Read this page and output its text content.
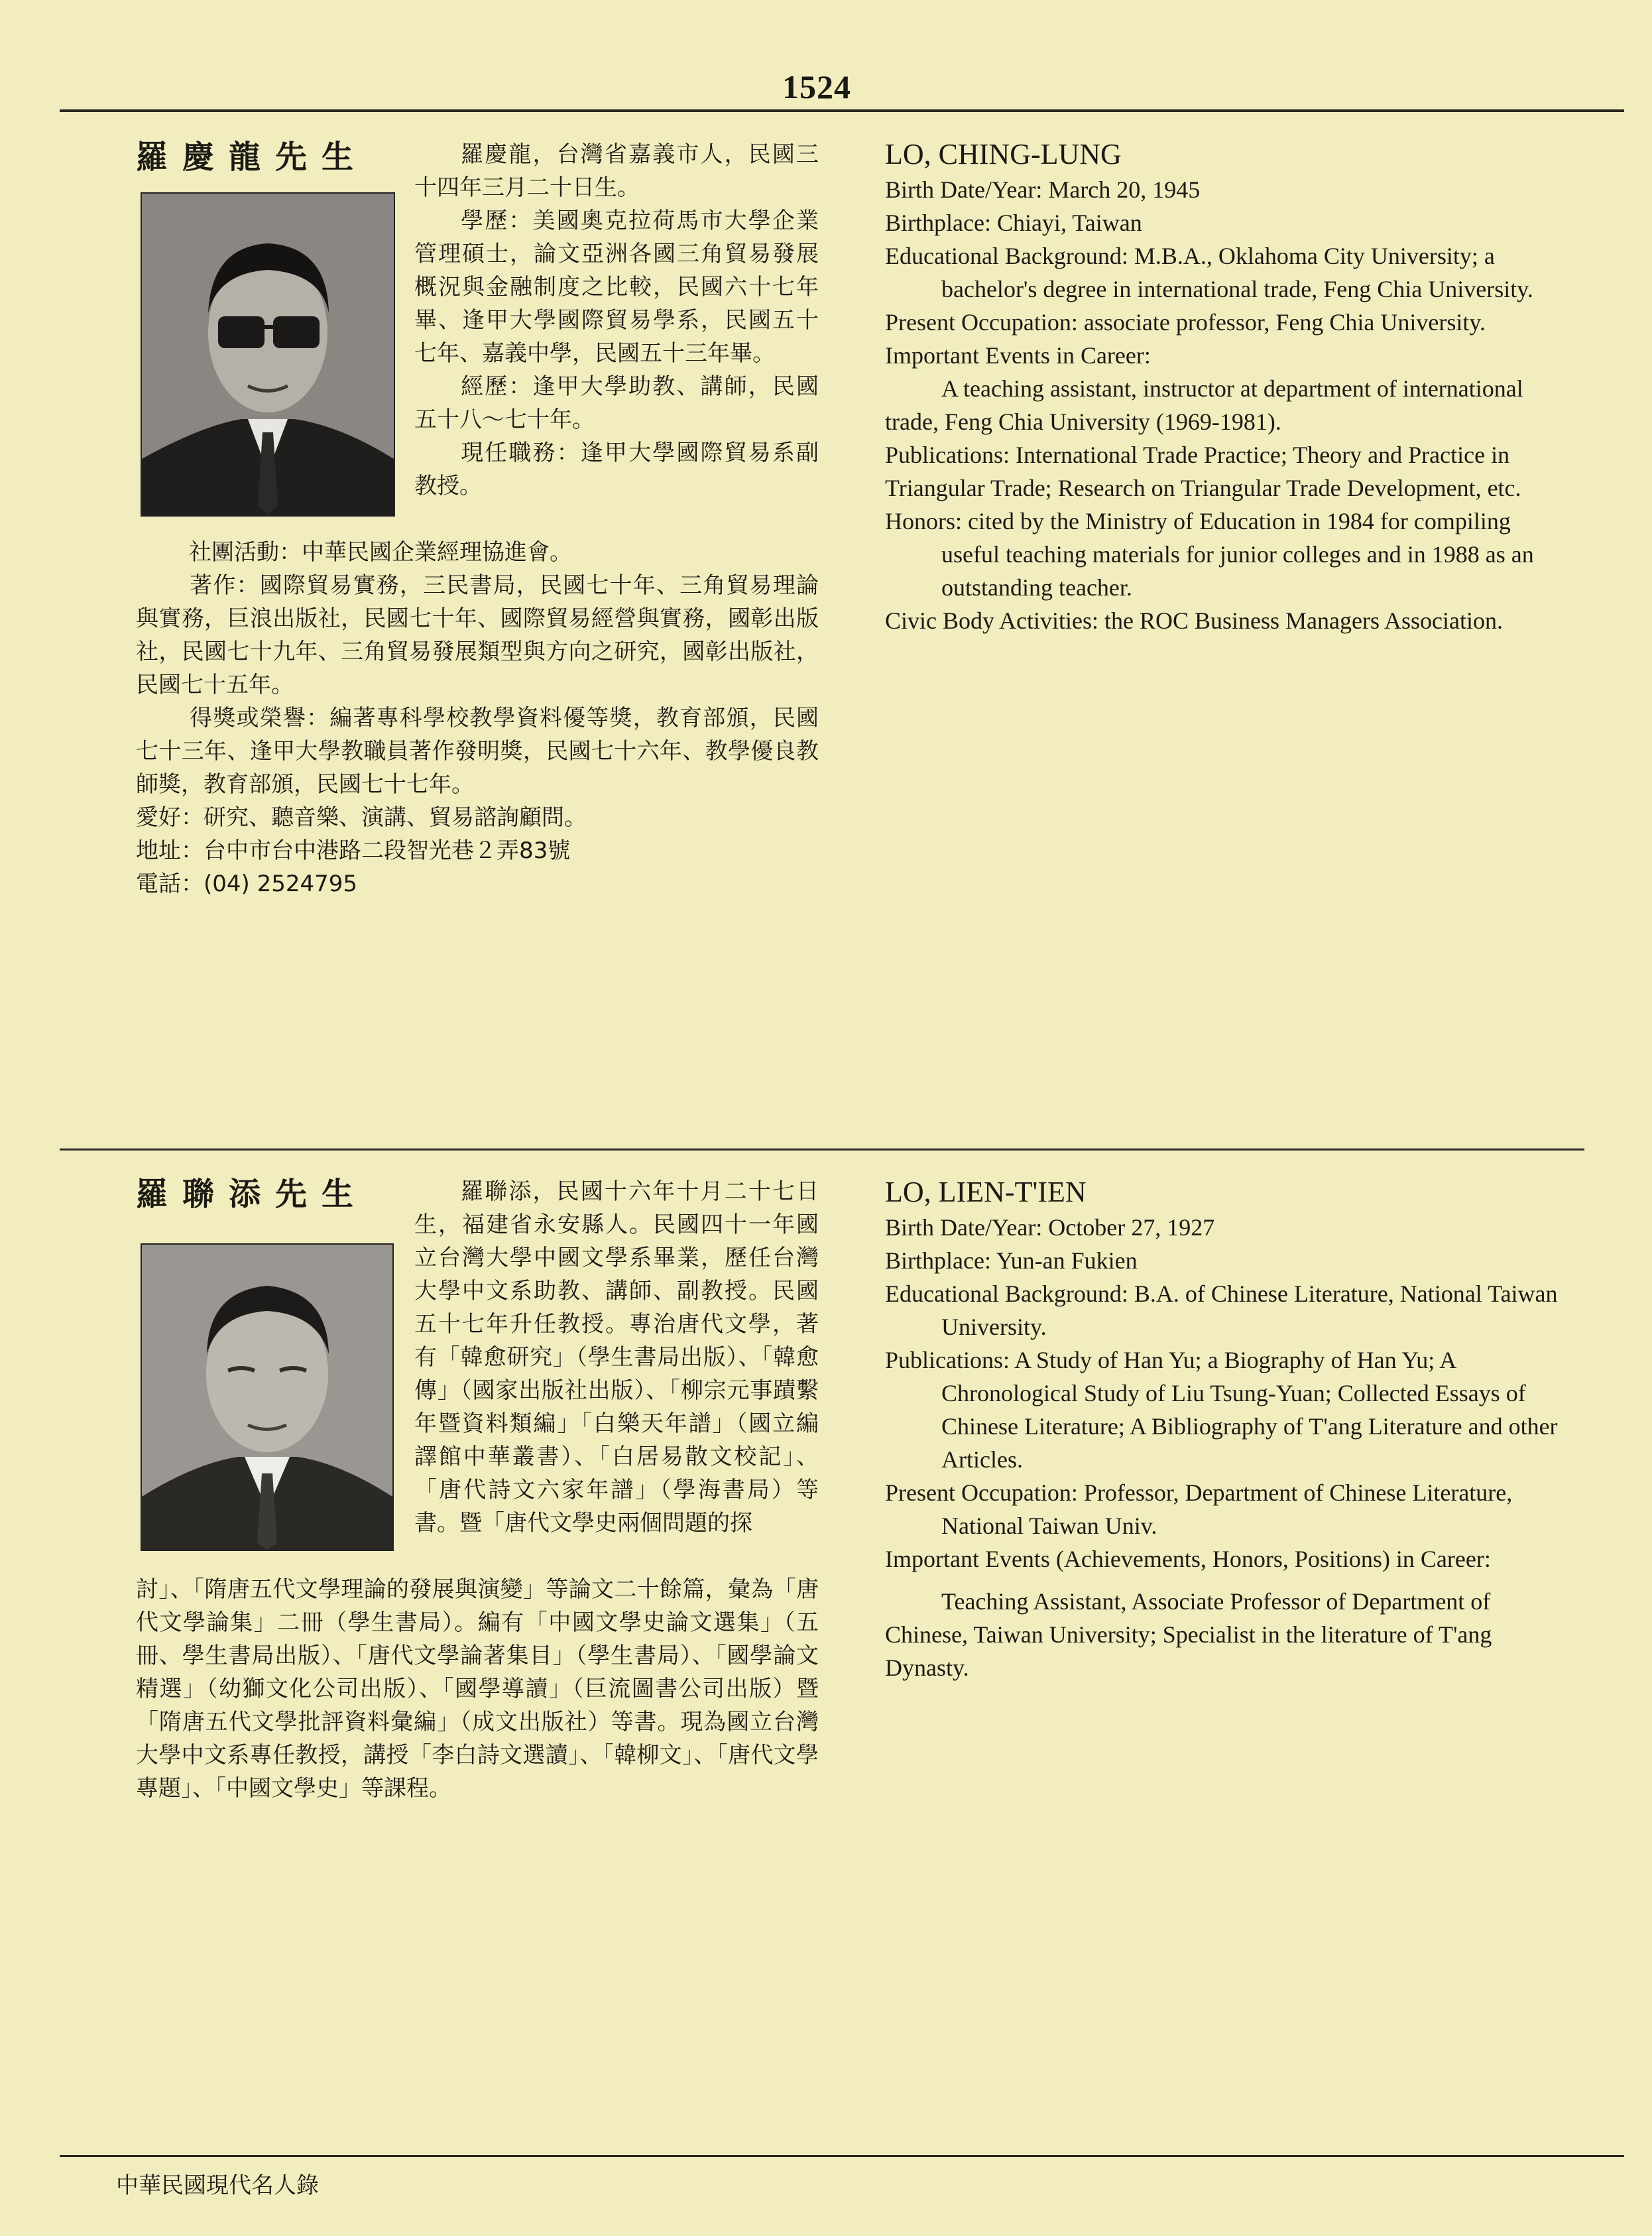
1524
羅慶龍先生	羅慶龍，台灣省嘉義市人，民國三十四年三月二十日生。
學歷：美國奧克拉荷馬市大學企業管理碩士，論文亞洲各國三角貿易發展概況與金融制度之比較，民國六十七年畢、逢甲大學國際貿易學系，民國五十七年、嘉義中學，民國五十三年畢。
經歷：逢甲大學助教、講師，民國五十八～七十年。
現任職務：逢甲大學國際貿易系副教授。
社團活動：中華民國企業經理協進會。
著作：國際貿易實務，三民書局，民國七十年、三角貿易理論與實務，巨浪出版社，民國七十年、國際貿易經營與實務，國彰出版社，民國七十九年、三角貿易發展類型與方向之研究，國彰出版社，民國七十五年。
得獎或榮譽：編著專科學校教學資料優等獎，教育部頒，民國七十三年、逢甲大學教職員著作發明獎，民國七十六年、教學優良教師獎，教育部頒，民國七十七年。
愛好：研究、聽音樂、演講、貿易諮詢顧問。
地址：台中市台中港路二段智光巷２弄83號
電話：(04) 2524795

LO, CHING-LUNG

Birth Date/Year: March 20, 1945

Birthplace: Chiayi, Taiwan

Educational Background: M.B.A., Oklahoma City University; a bachelor's degree in international trade, Feng Chia University.

Present Occupation: associate professor, Feng Chia University.

Important Events in Career:

A teaching assistant, instructor at department of international trade, Feng Chia University (1969-1981).

Publications: International Trade Practice; Theory and Practice in Triangular Trade; Research on Triangular Trade Development, etc.

Honors: cited by the Ministry of Education in 1984 for compiling useful teaching materials for junior colleges and in 1988 as an outstanding teacher.

Civic Body Activities: the ROC Business Managers Association.

羅聯添先生	羅聯添，民國十六年十月二十七日生，福建省永安縣人。民國四十一年國立台灣大學中國文學系畢業，歷任台灣大學中文系助教、講師、副教授。民國五十七年升任教授。專治唐代文學，著有「韓愈研究」（學生書局出版）、「韓愈傳」（國家出版社出版）、「柳宗元事蹟繫年暨資料類編」「白樂天年譜」（國立編譯館中華叢書）、「白居易散文校記」、「唐代詩文六家年譜」（學海書局）等書。暨「唐代文學史兩個問題的探
討」、「隋唐五代文學理論的發展與演變」等論文二十餘篇，彙為「唐代文學論集」二冊（學生書局）。編有「中國文學史論文選集」（五冊、學生書局出版）、「唐代文學論著集目」（學生書局）、「國學論文精選」（幼獅文化公司出版）、「國學導讀」（巨流圖書公司出版）暨「隋唐五代文學批評資料彙編」（成文出版社）等書。現為國立台灣大學中文系專任教授，講授「李白詩文選讀」、「韓柳文」、「唐代文學專題」、「中國文學史」等課程。

LO, LIEN-T'IEN

Birth Date/Year: October 27, 1927

Birthplace: Yun-an Fukien

Educational Background: B.A. of Chinese Literature, National Taiwan University.

Publications: A Study of Han Yu; a Biography of Han Yu; A Chronological Study of Liu Tsung-Yuan; Collected Essays of Chinese Literature; A Bibliography of T'ang Literature and other Articles.

Present Occupation: Professor, Department of Chinese Literature, National Taiwan Univ.

Important Events (Achievements, Honors, Positions) in Career:

Teaching Assistant, Associate Professor of Department of Chinese, Taiwan University; Specialist in the literature of T'ang Dynasty.

中華民國現代名人錄
